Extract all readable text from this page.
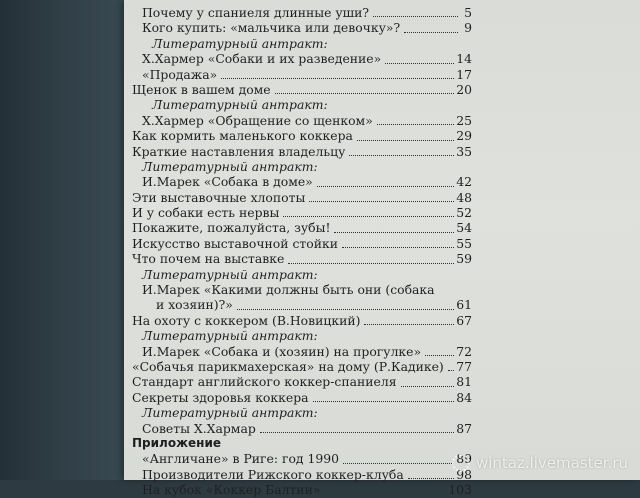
Почему у спаниеля длинные уши?	5
Кого купить: «мальчика или девочку»?	9
Литературный антракт:
Х.Хармер «Собаки и их разведение»	14
«Продажа»	17
Щенок в вашем доме	20
Литературный антракт:
Х.Хармер «Обращение со щенком»	25
Как кормить маленького коккера	29
Краткие наставления владельцу	35
Литературный антракт:
И.Марек «Собака в доме»	42
Эти выставочные хлопоты	48
И у собаки есть нервы	52
Покажите, пожалуйста, зубы!	54
Искусство выставочной стойки	55
Что почем на выставке	59
Литературный антракт:
И.Марек «Какими должны быть они (собака
и хозяин)?»	61
На охоту с коккером (В.Новицкий)	67
Литературный антракт:
И.Марек «Собака и (хозяин) на прогулке»	72
«Собачья парикмахерская» на дому (Р.Кадике) 77
Стандарт английского коккер-спаниеля	81
Секреты здоровья коккера	84
Литературный антракт:
Советы Х.Хармар	87
Приложение
«Англичане» в Риге: год 1990	89
Производители Рижского коккер-клуба	98
На кубок «Коккер Балтии»	103
wintaz.livemaster.ru
